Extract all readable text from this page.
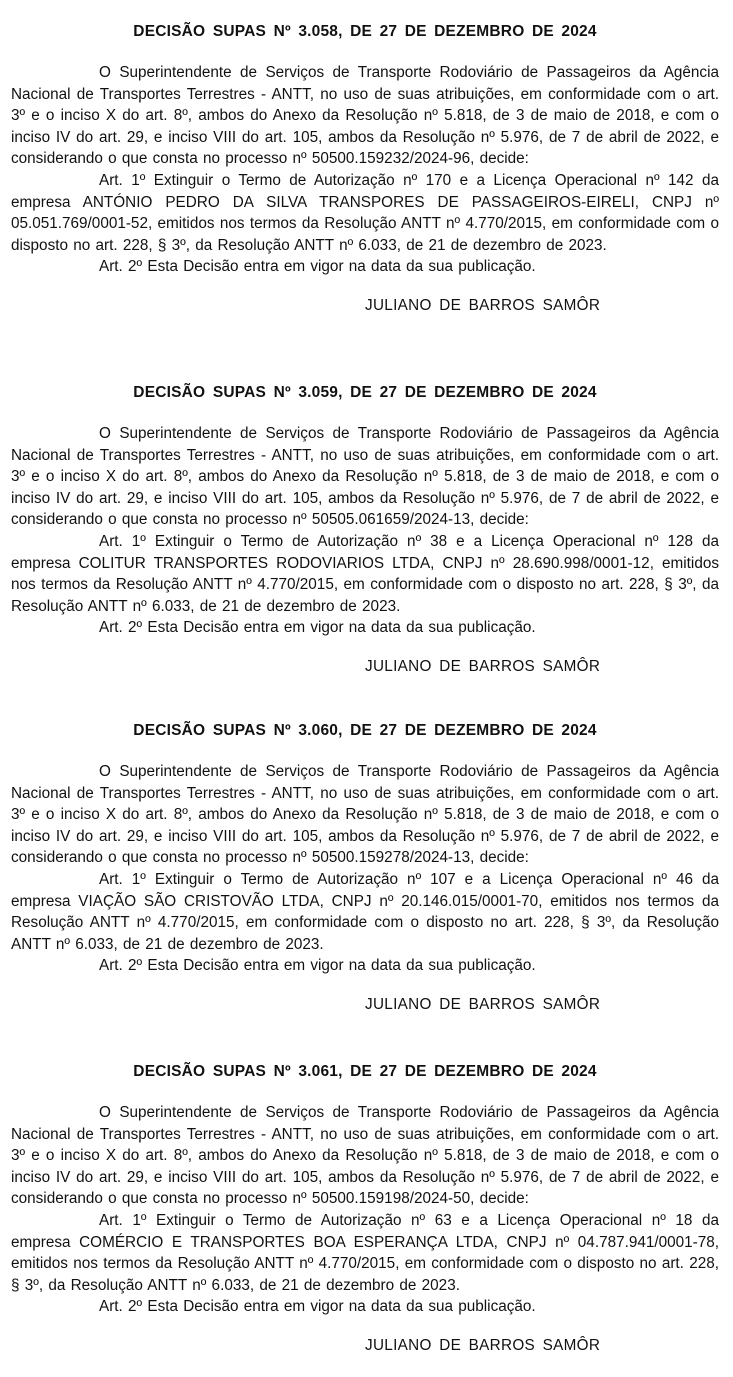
DECISÃO SUPAS Nº 3.058, DE 27 DE DEZEMBRO DE 2024

O Superintendente de Serviços de Transporte Rodoviário de Passageiros da Agência Nacional de Transportes Terrestres - ANTT, no uso de suas atribuições, em conformidade com o art. 3º e o inciso X do art. 8º, ambos do Anexo da Resolução nº 5.818, de 3 de maio de 2018, e com o inciso IV do art. 29, e inciso VIII do art. 105, ambos da Resolução nº 5.976, de 7 de abril de 2022, e considerando o que consta no processo nº 50500.159232/2024-96, decide:

Art. 1º Extinguir o Termo de Autorização nº 170 e a Licença Operacional nº 142 da empresa ANTÓNIO PEDRO DA SILVA TRANSPORES DE PASSAGEIROS-EIRELI, CNPJ nº 05.051.769/0001-52, emitidos nos termos da Resolução ANTT nº 4.770/2015, em conformidade com o disposto no art. 228, § 3º, da Resolução ANTT nº 6.033, de 21 de dezembro de 2023.

Art. 2º Esta Decisão entra em vigor na data da sua publicação.

JULIANO DE BARROS SAMÔR

DECISÃO SUPAS Nº 3.059, DE 27 DE DEZEMBRO DE 2024

O Superintendente de Serviços de Transporte Rodoviário de Passageiros da Agência Nacional de Transportes Terrestres - ANTT, no uso de suas atribuições, em conformidade com o art. 3º e o inciso X do art. 8º, ambos do Anexo da Resolução nº 5.818, de 3 de maio de 2018, e com o inciso IV do art. 29, e inciso VIII do art. 105, ambos da Resolução nº 5.976, de 7 de abril de 2022, e considerando o que consta no processo nº 50505.061659/2024-13, decide:

Art. 1º Extinguir o Termo de Autorização nº 38 e a Licença Operacional nº 128 da empresa COLITUR TRANSPORTES RODOVIARIOS LTDA, CNPJ nº 28.690.998/0001-12, emitidos nos termos da Resolução ANTT nº 4.770/2015, em conformidade com o disposto no art. 228, § 3º, da Resolução ANTT nº 6.033, de 21 de dezembro de 2023.

Art. 2º Esta Decisão entra em vigor na data da sua publicação.

JULIANO DE BARROS SAMÔR

DECISÃO SUPAS Nº 3.060, DE 27 DE DEZEMBRO DE 2024

O Superintendente de Serviços de Transporte Rodoviário de Passageiros da Agência Nacional de Transportes Terrestres - ANTT, no uso de suas atribuições, em conformidade com o art. 3º e o inciso X do art. 8º, ambos do Anexo da Resolução nº 5.818, de 3 de maio de 2018, e com o inciso IV do art. 29, e inciso VIII do art. 105, ambos da Resolução nº 5.976, de 7 de abril de 2022, e considerando o que consta no processo nº 50500.159278/2024-13, decide:

Art. 1º Extinguir o Termo de Autorização nº 107 e a Licença Operacional nº 46 da empresa VIAÇÃO SÃO CRISTOVÃO LTDA, CNPJ nº 20.146.015/0001-70, emitidos nos termos da Resolução ANTT nº 4.770/2015, em conformidade com o disposto no art. 228, § 3º, da Resolução ANTT nº 6.033, de 21 de dezembro de 2023.

Art. 2º Esta Decisão entra em vigor na data da sua publicação.

JULIANO DE BARROS SAMÔR

DECISÃO SUPAS Nº 3.061, DE 27 DE DEZEMBRO DE 2024

O Superintendente de Serviços de Transporte Rodoviário de Passageiros da Agência Nacional de Transportes Terrestres - ANTT, no uso de suas atribuições, em conformidade com o art. 3º e o inciso X do art. 8º, ambos do Anexo da Resolução nº 5.818, de 3 de maio de 2018, e com o inciso IV do art. 29, e inciso VIII do art. 105, ambos da Resolução nº 5.976, de 7 de abril de 2022, e considerando o que consta no processo nº 50500.159198/2024-50, decide:

Art. 1º Extinguir o Termo de Autorização nº 63 e a Licença Operacional nº 18 da empresa COMÉRCIO E TRANSPORTES BOA ESPERANÇA LTDA, CNPJ nº 04.787.941/0001-78, emitidos nos termos da Resolução ANTT nº 4.770/2015, em conformidade com o disposto no art. 228, § 3º, da Resolução ANTT nº 6.033, de 21 de dezembro de 2023.

Art. 2º Esta Decisão entra em vigor na data da sua publicação.

JULIANO DE BARROS SAMÔR
